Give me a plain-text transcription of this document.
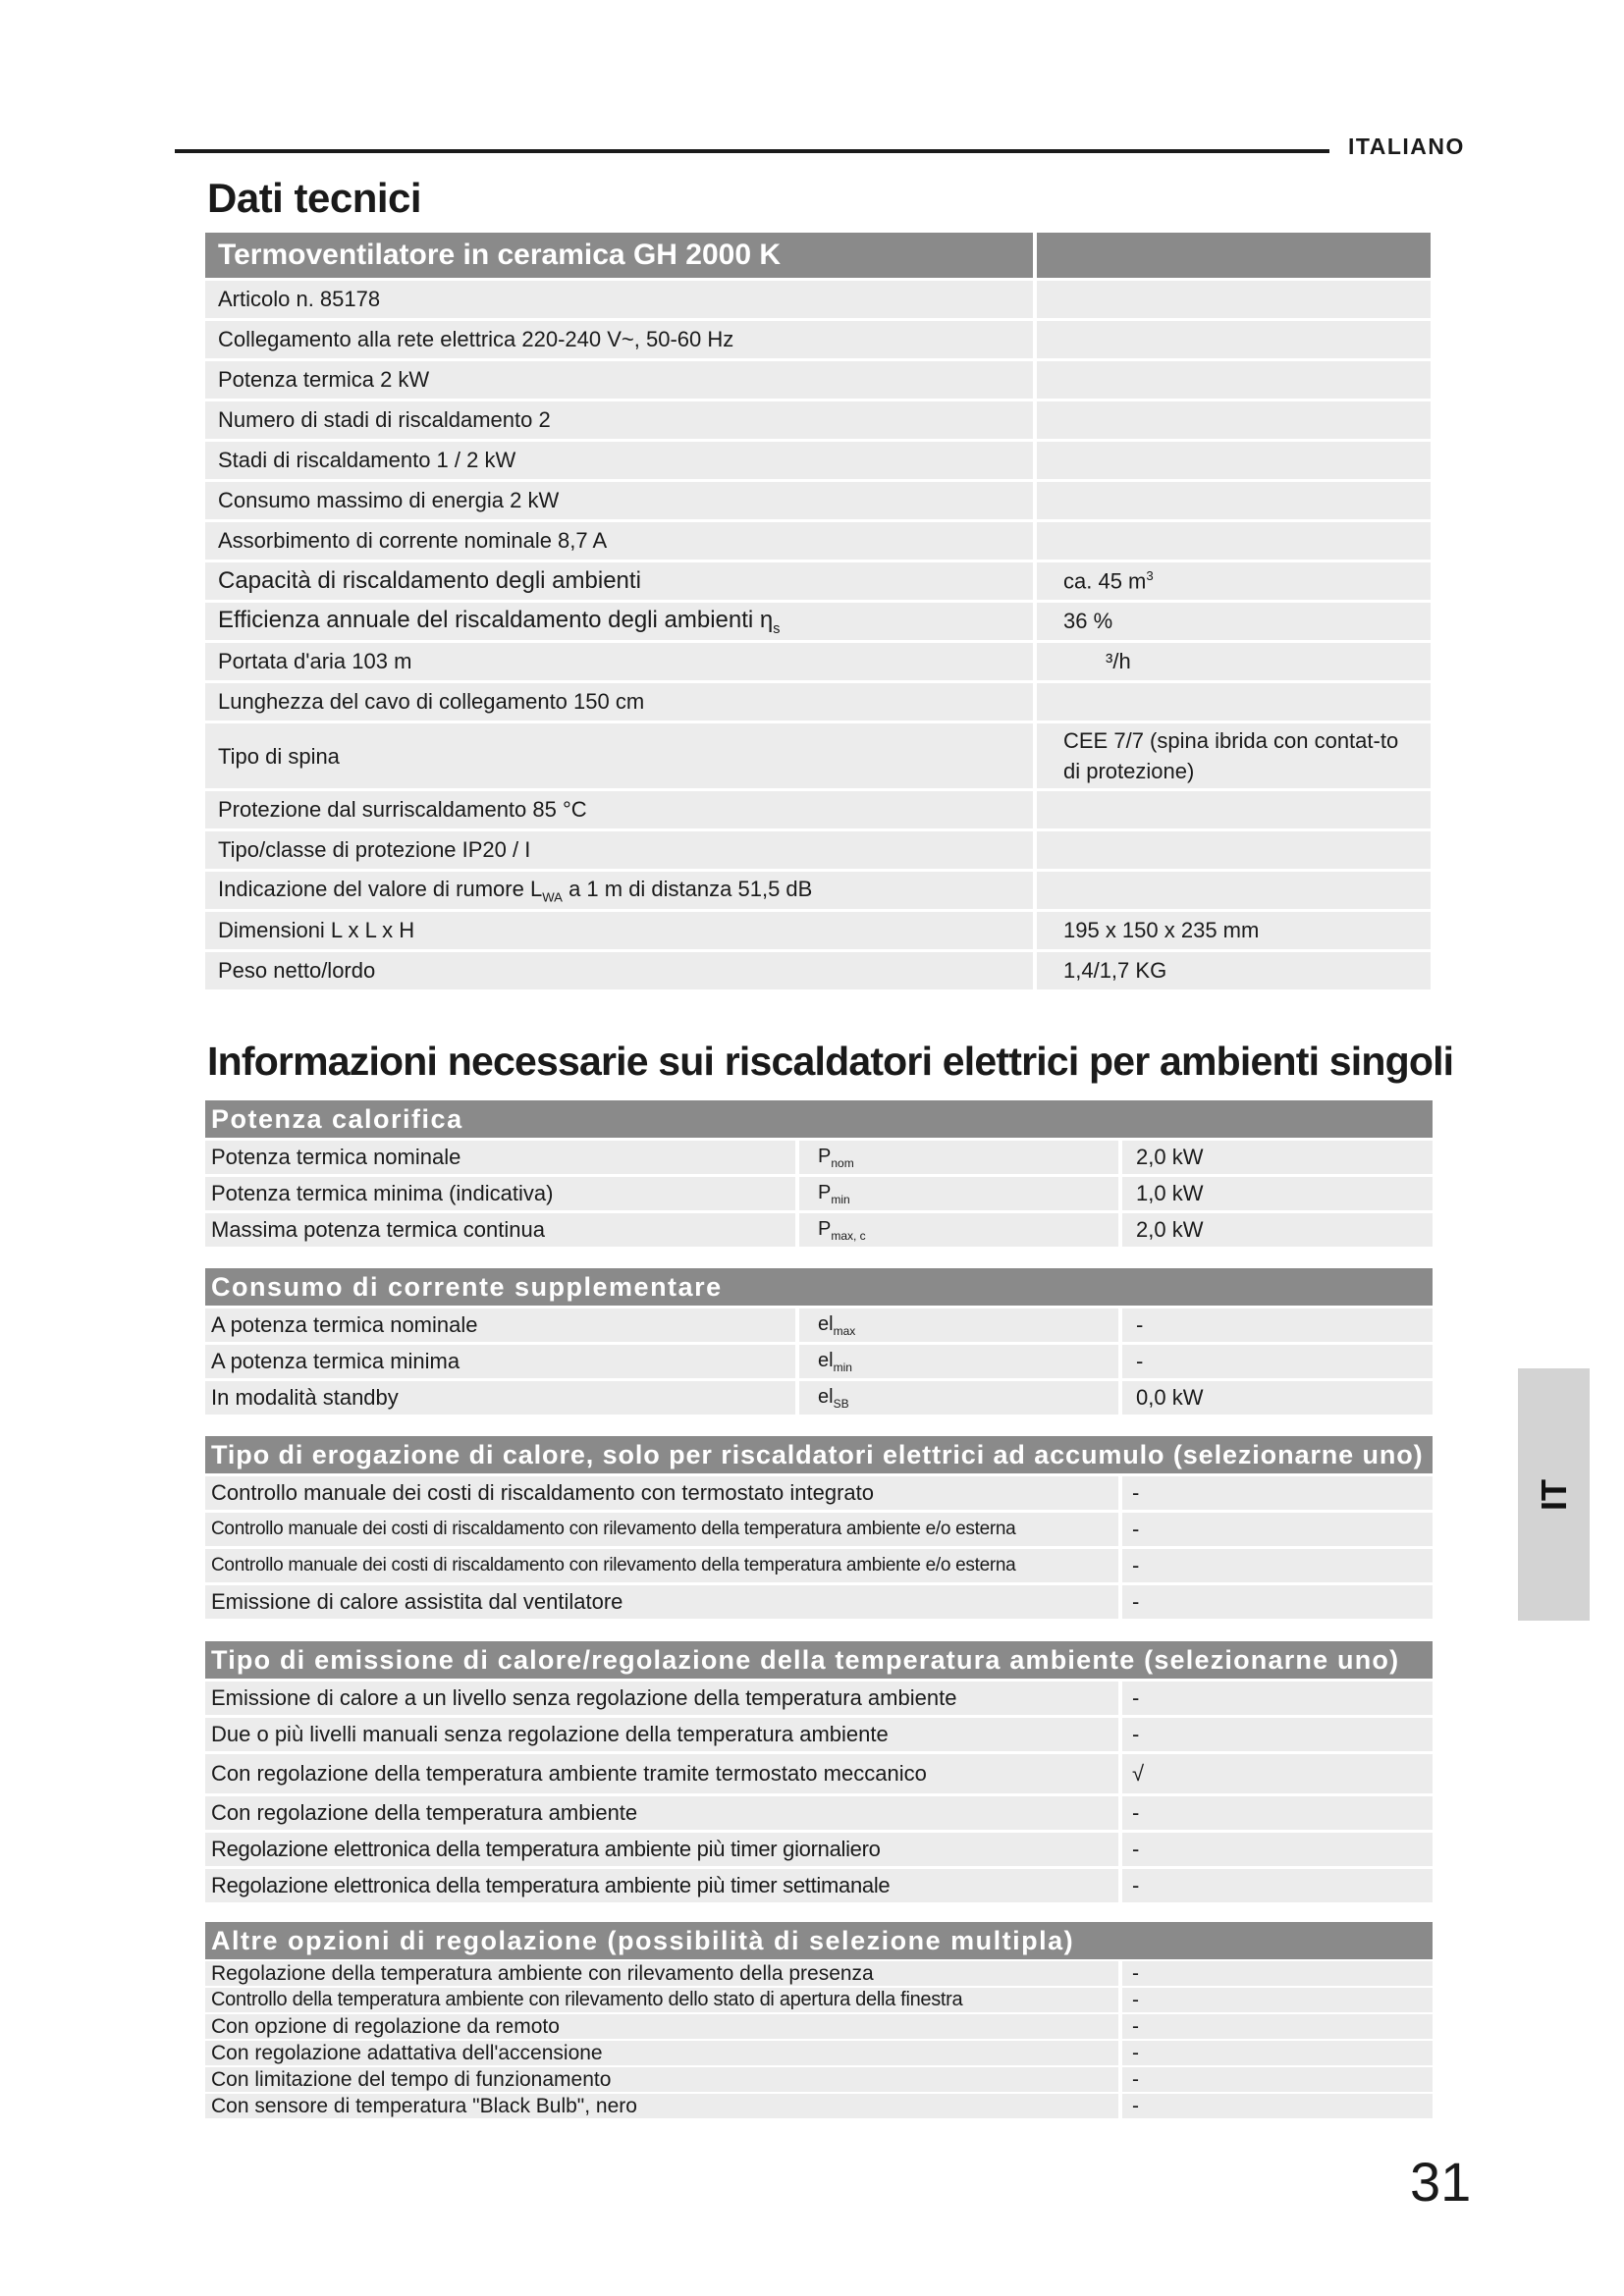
ITALIANO
Dati tecnici
Termoventilatore in ceramica GH 2000 K	
Articolo n. 85178	
Collegamento alla rete elettrica 220-240 V~, 50-60 Hz	
Potenza termica 2 kW	
Numero di stadi di riscaldamento 2	
Stadi di riscaldamento 1 / 2 kW	
Consumo massimo di energia 2 kW	
Assorbimento di corrente nominale 8,7 A	
Capacità di riscaldamento degli ambienti	ca. 45 $m^3$
Efficienza annuale del riscaldamento degli ambienti $\eta_s$	36 %
Portata d'aria 103 m	³/h
Lunghezza del cavo di collegamento 150 cm	
Tipo di spina	CEE 7/7 (spina ibrida con contat-to di protezione)
Protezione dal surriscaldamento 85 °C	
Tipo/classe di protezione IP20 / I	
Indicazione del valore di rumore $L_{WA}$ a 1 m di distanza 51,5 dB	
Dimensioni L x L x H	195 x 150 x 235 mm
Peso netto/lordo	1,4/1,7 KG
Informazioni necessarie sui riscaldatori elettrici per ambienti singoli
Potenza calorifica		
Potenza termica nominale	$P_{nom}$	2,0 kW
Potenza termica minima (indicativa)	$P_{min}$	1,0 kW
Massima potenza termica continua	$P_{max, c}$	2,0 kW
Consumo di corrente supplementare		
A potenza termica nominale	$el_{max}$	-
A potenza termica minima	$el_{min}$	-
In modalità standby	$el_{SB}$	0,0 kW
Tipo di erogazione di calore, solo per riscaldatori elettrici ad accumulo (selezionarne uno)	
Controllo manuale dei costi di riscaldamento con termostato integrato	-
Controllo manuale dei costi di riscaldamento con rilevamento della temperatura ambiente e/o esterna	-
Controllo manuale dei costi di riscaldamento con rilevamento della temperatura ambiente e/o esterna	-
Emissione di calore assistita dal ventilatore	-
Tipo di emissione di calore/regolazione della temperatura ambiente (selezionarne uno)	
Emissione di calore a un livello senza regolazione della temperatura ambiente	-
Due o più livelli manuali senza regolazione della temperatura ambiente	-
Con regolazione della temperatura ambiente tramite termostato meccanico	√
Con regolazione della temperatura ambiente	-
Regolazione elettronica della temperatura ambiente più timer giornaliero	-
Regolazione elettronica della temperatura ambiente più timer settimanale	-
Altre opzioni di regolazione (possibilità di selezione multipla)	
Regolazione della temperatura ambiente con rilevamento della presenza	-
Controllo della temperatura ambiente con rilevamento dello stato di apertura della finestra	-
Con opzione di regolazione da remoto	-
Con regolazione adattativa dell'accensione	-
Con limitazione del tempo di funzionamento	-
Con sensore di temperatura "Black Bulb", nero	-
IT
31
